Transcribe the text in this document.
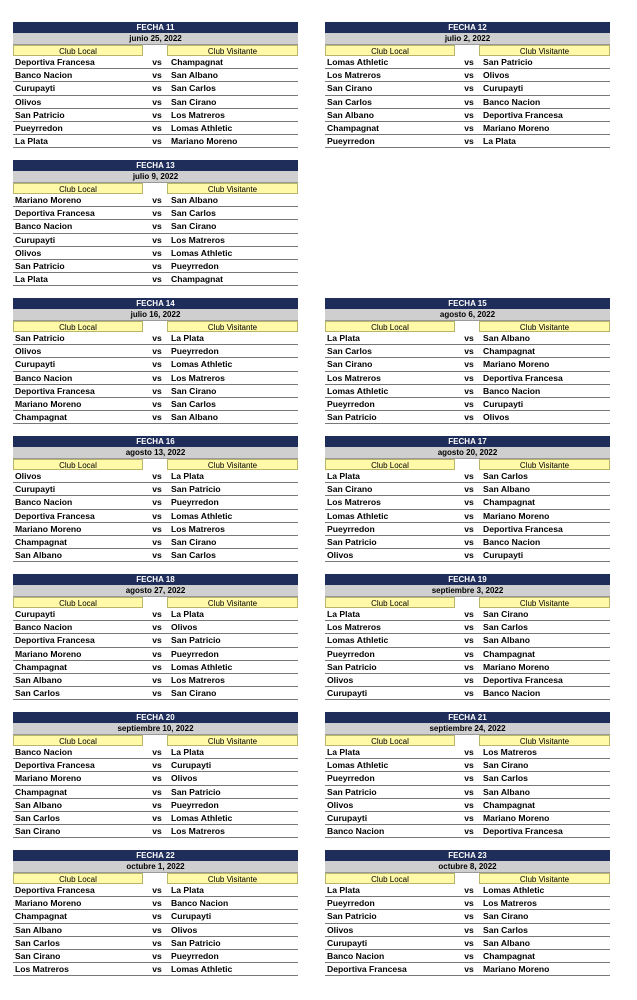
FECHA 11
junio 25, 2022
Club Local	Club Visitante
Deportiva Francesa	vs	Champagnat
Banco Nacion	vs	San Albano
Curupayti	vs	San Carlos
Olivos	vs	San Cirano
San Patricio	vs	Los Matreros
Pueyrredon	vs	Lomas Athletic
La Plata	vs	Mariano Moreno
FECHA 12
julio 2, 2022
Club Local	Club Visitante
Lomas Athletic	vs	San Patricio
Los Matreros	vs	Olivos
San Cirano	vs	Curupayti
San Carlos	vs	Banco Nacion
San Albano	vs	Deportiva Francesa
Champagnat	vs	Mariano Moreno
Pueyrredon	vs	La Plata
FECHA 13
julio 9, 2022
Club Local	Club Visitante
Mariano Moreno	vs	San Albano
Deportiva Francesa	vs	San Carlos
Banco Nacion	vs	San Cirano
Curupayti	vs	Los Matreros
Olivos	vs	Lomas Athletic
San Patricio	vs	Pueyrredon
La Plata	vs	Champagnat
FECHA 14
julio 16, 2022
Club Local	Club Visitante
San Patricio	vs	La Plata
Olivos	vs	Pueyrredon
Curupayti	vs	Lomas Athletic
Banco Nacion	vs	Los Matreros
Deportiva Francesa	vs	San Cirano
Mariano Moreno	vs	San Carlos
Champagnat	vs	San Albano
FECHA 15
agosto 6, 2022
Club Local	Club Visitante
La Plata	vs	San Albano
San Carlos	vs	Champagnat
San Cirano	vs	Mariano Moreno
Los Matreros	vs	Deportiva Francesa
Lomas Athletic	vs	Banco Nacion
Pueyrredon	vs	Curupayti
San Patricio	vs	Olivos
FECHA 16
agosto 13, 2022
Club Local	Club Visitante
Olivos	vs	La Plata
Curupayti	vs	San Patricio
Banco Nacion	vs	Pueyrredon
Deportiva Francesa	vs	Lomas Athletic
Mariano Moreno	vs	Los Matreros
Champagnat	vs	San Cirano
San Albano	vs	San Carlos
FECHA 17
agosto 20, 2022
Club Local	Club Visitante
La Plata	vs	San Carlos
San Cirano	vs	San Albano
Los Matreros	vs	Champagnat
Lomas Athletic	vs	Mariano Moreno
Pueyrredon	vs	Deportiva Francesa
San Patricio	vs	Banco Nacion
Olivos	vs	Curupayti
FECHA 18
agosto 27, 2022
Club Local	Club Visitante
Curupayti	vs	La Plata
Banco Nacion	vs	Olivos
Deportiva Francesa	vs	San Patricio
Mariano Moreno	vs	Pueyrredon
Champagnat	vs	Lomas Athletic
San Albano	vs	Los Matreros
San Carlos	vs	San Cirano
FECHA 19
septiembre 3, 2022
Club Local	Club Visitante
La Plata	vs	San Cirano
Los Matreros	vs	San Carlos
Lomas Athletic	vs	San Albano
Pueyrredon	vs	Champagnat
San Patricio	vs	Mariano Moreno
Olivos	vs	Deportiva Francesa
Curupayti	vs	Banco Nacion
FECHA 20
septiembre 10, 2022
Club Local	Club Visitante
Banco Nacion	vs	La Plata
Deportiva Francesa	vs	Curupayti
Mariano Moreno	vs	Olivos
Champagnat	vs	San Patricio
San Albano	vs	Pueyrredon
San Carlos	vs	Lomas Athletic
San Cirano	vs	Los Matreros
FECHA 21
septiembre 24, 2022
Club Local	Club Visitante
La Plata	vs	Los Matreros
Lomas Athletic	vs	San Cirano
Pueyrredon	vs	San Carlos
San Patricio	vs	San Albano
Olivos	vs	Champagnat
Curupayti	vs	Mariano Moreno
Banco Nacion	vs	Deportiva Francesa
FECHA 22
octubre 1, 2022
Club Local	Club Visitante
Deportiva Francesa	vs	La Plata
Mariano Moreno	vs	Banco Nacion
Champagnat	vs	Curupayti
San Albano	vs	Olivos
San Carlos	vs	San Patricio
San Cirano	vs	Pueyrredon
Los Matreros	vs	Lomas Athletic
FECHA 23
octubre 8, 2022
Club Local	Club Visitante
La Plata	vs	Lomas Athletic
Pueyrredon	vs	Los Matreros
San Patricio	vs	San Cirano
Olivos	vs	San Carlos
Curupayti	vs	San Albano
Banco Nacion	vs	Champagnat
Deportiva Francesa	vs	Mariano Moreno
